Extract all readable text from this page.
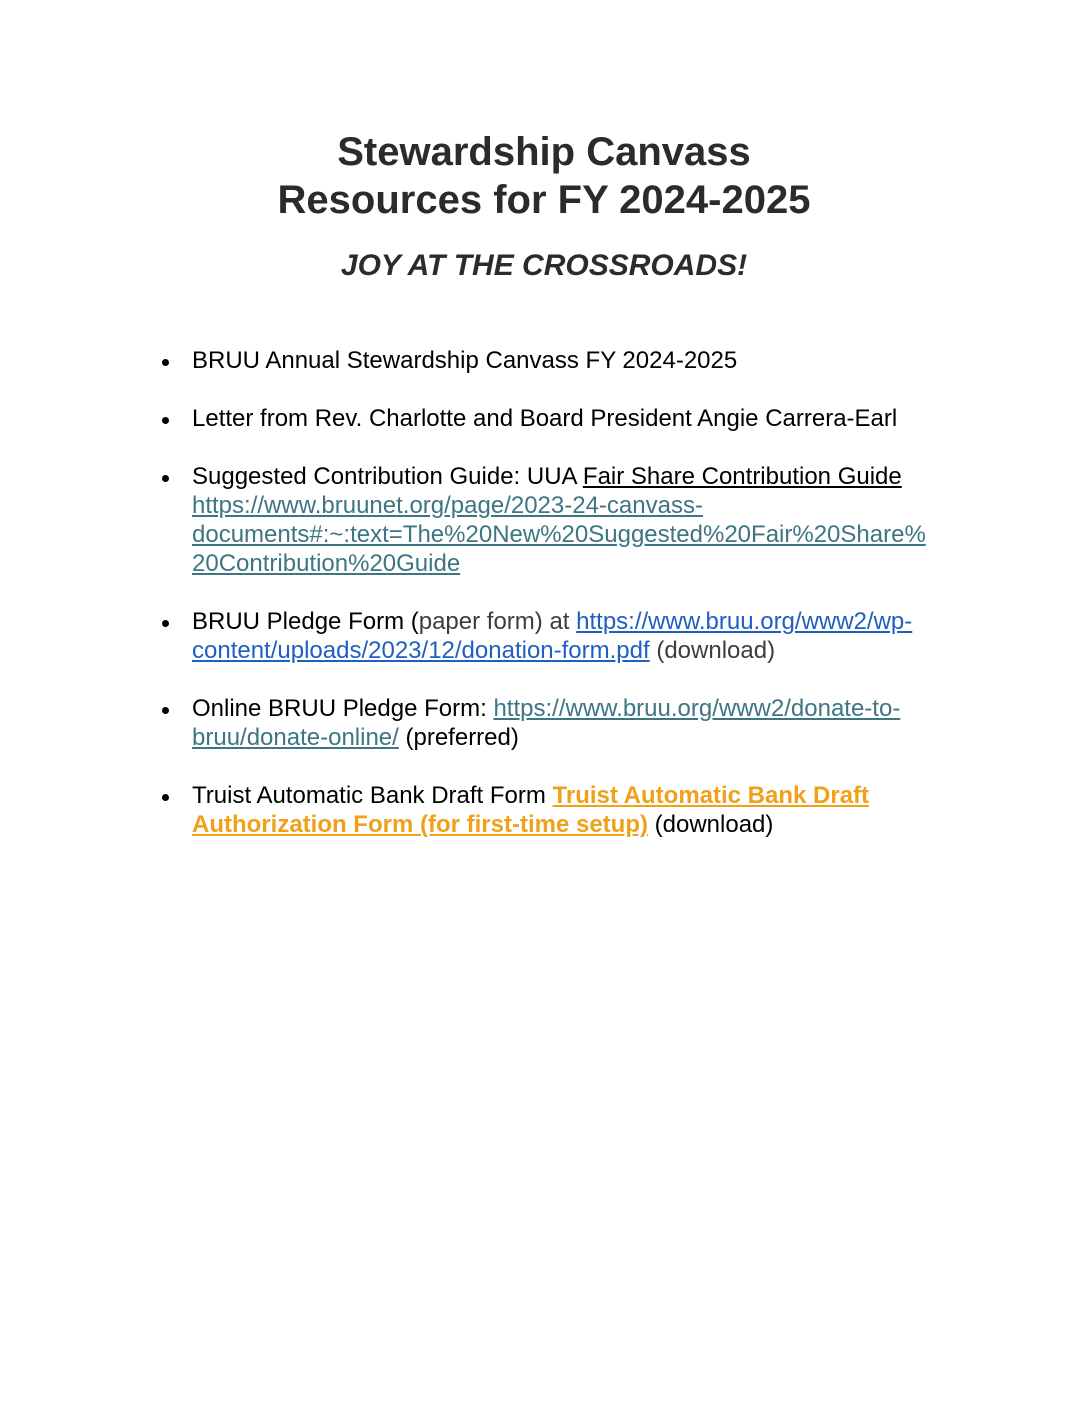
Stewardship Canvass
Resources for FY 2024-2025
JOY AT THE CROSSROADS!
BRUU Annual Stewardship Canvass FY 2024-2025
Letter from Rev. Charlotte and Board President Angie Carrera-Earl
Suggested Contribution Guide: UUA Fair Share Contribution Guide
https://www.bruunet.org/page/2023-24-canvass-
documents#:~:text=The%20New%20Suggested%20Fair%20Share%
20Contribution%20Guide
BRUU Pledge Form (paper form) at https://www.bruu.org/www2/wp-
content/uploads/2023/12/donation-form.pdf (download)
Online BRUU Pledge Form: https://www.bruu.org/www2/donate-to-
bruu/donate-online/ (preferred)
Truist Automatic Bank Draft Form Truist Automatic Bank Draft
Authorization Form (for first-time setup) (download)
